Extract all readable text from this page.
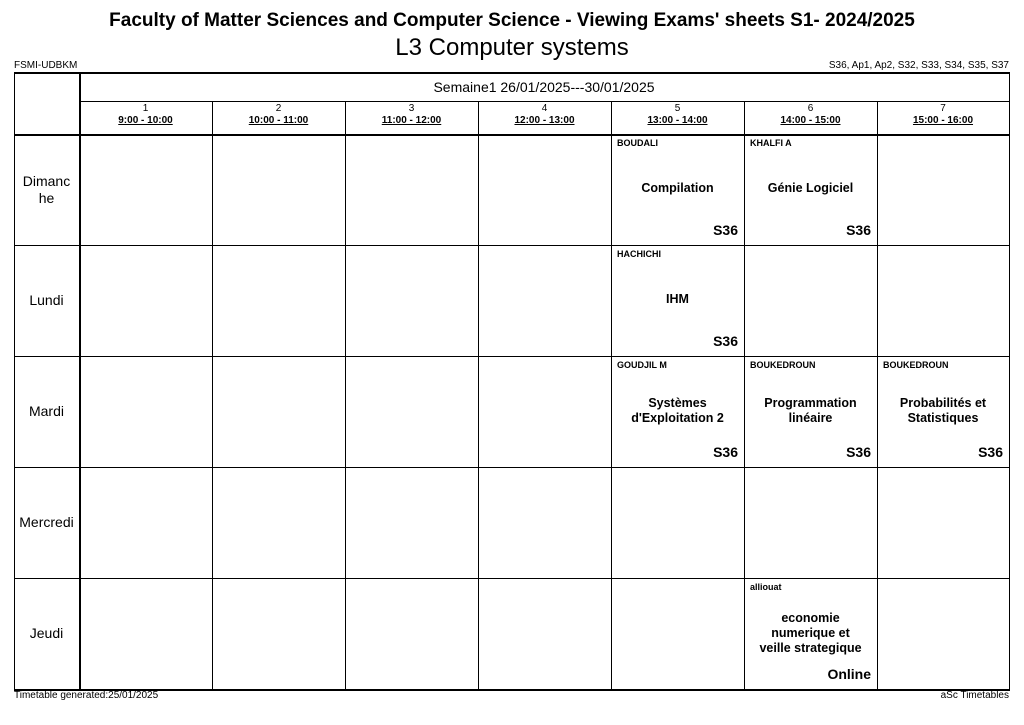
Faculty of Matter Sciences and Computer Science - Viewing Exams' sheets S1- 2024/2025
L3 Computer systems
FSMI-UDBKM	S36, Ap1, Ap2, S32, S33, S34, S35, S37
Semaine1 26/01/2025---30/01/2025
Timetable generated:25/01/2025	aSc Timetables
1
9:00 - 10:00
2
10:00 - 11:00
3
11:00 - 12:00
4
12:00 - 13:00
5
13:00 - 14:00
6
14:00 - 15:00
7
15:00 - 16:00
Dimanc
he
Lundi
Mardi
Mercredi
Jeudi
BOUDALI
Compilation
S36
KHALFI A
Génie Logiciel
S36
HACHICHI
IHM
S36
GOUDJIL M
Systèmes d'Exploitation 2
S36
BOUKEDROUN
Programmation linéaire
S36
BOUKEDROUN
Probabilités et Statistiques
S36
alliouat
economie numerique et veille strategique
Online
